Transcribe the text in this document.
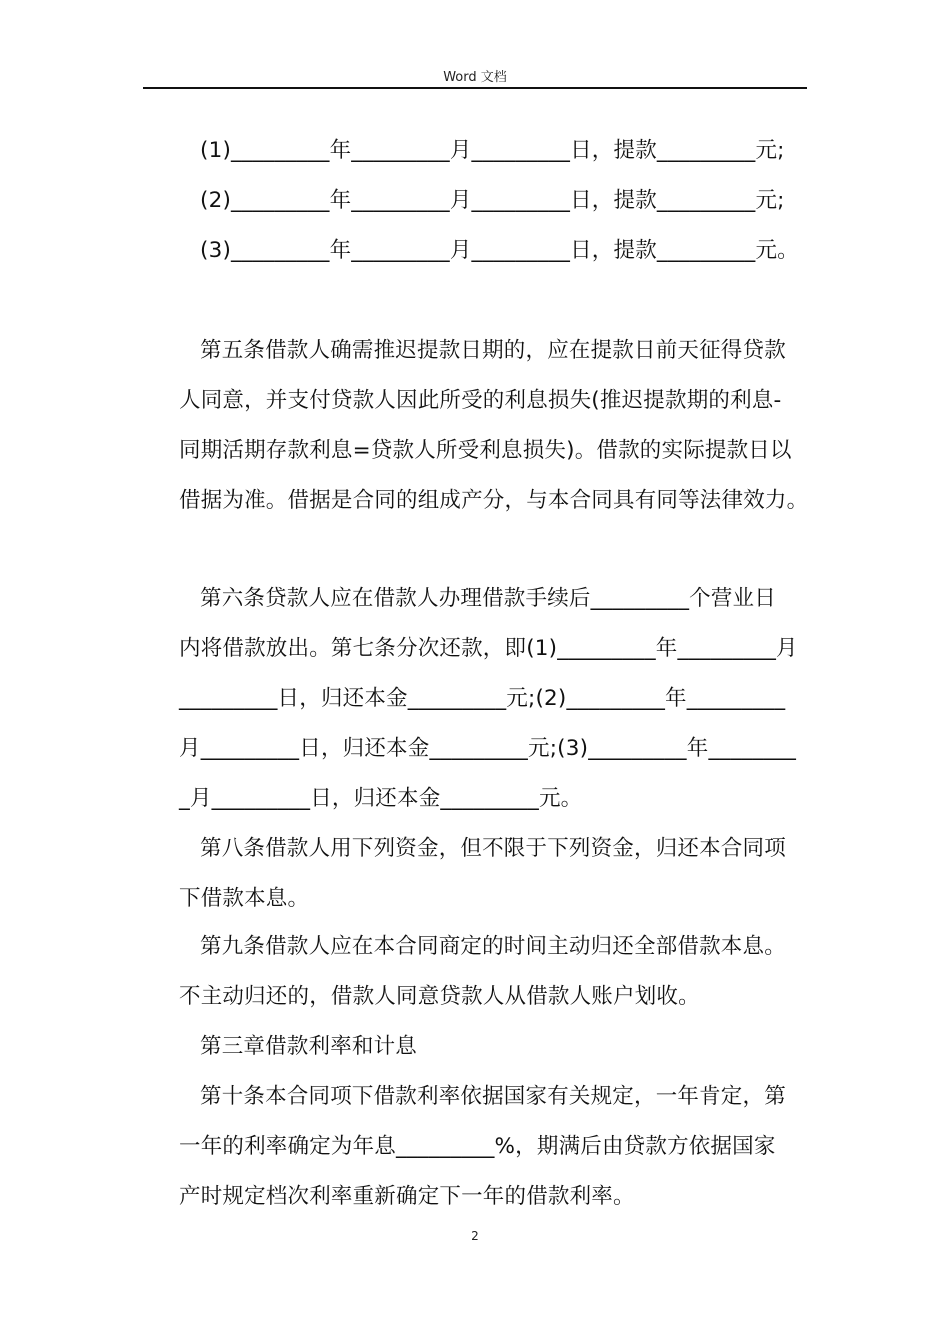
Word 文档
(1)_________年_________月_________日，提款_________元;
(2)_________年_________月_________日，提款_________元;
(3)_________年_________月_________日，提款_________元。
第五条借款人确需推迟提款日期的，应在提款日前天征得贷款
人同意，并支付贷款人因此所受的利息损失(推迟提款期的利息-
同期活期存款利息=贷款人所受利息损失)。借款的实际提款日以
借据为准。借据是合同的组成产分，与本合同具有同等法律效力。
第六条贷款人应在借款人办理借款手续后_________个营业日
内将借款放出。第七条分次还款，即(1)_________年_________月
_________日，归还本金_________元;(2)_________年_________
月_________日，归还本金_________元;(3)_________年________
_月_________日，归还本金_________元。
第八条借款人用下列资金，但不限于下列资金，归还本合同项
下借款本息。
第九条借款人应在本合同商定的时间主动归还全部借款本息。
不主动归还的，借款人同意贷款人从借款人账户划收。
第三章借款利率和计息
第十条本合同项下借款利率依据国家有关规定，一年肯定，第
一年的利率确定为年息_________%，期满后由贷款方依据国家
产时规定档次利率重新确定下一年的借款利率。
2
